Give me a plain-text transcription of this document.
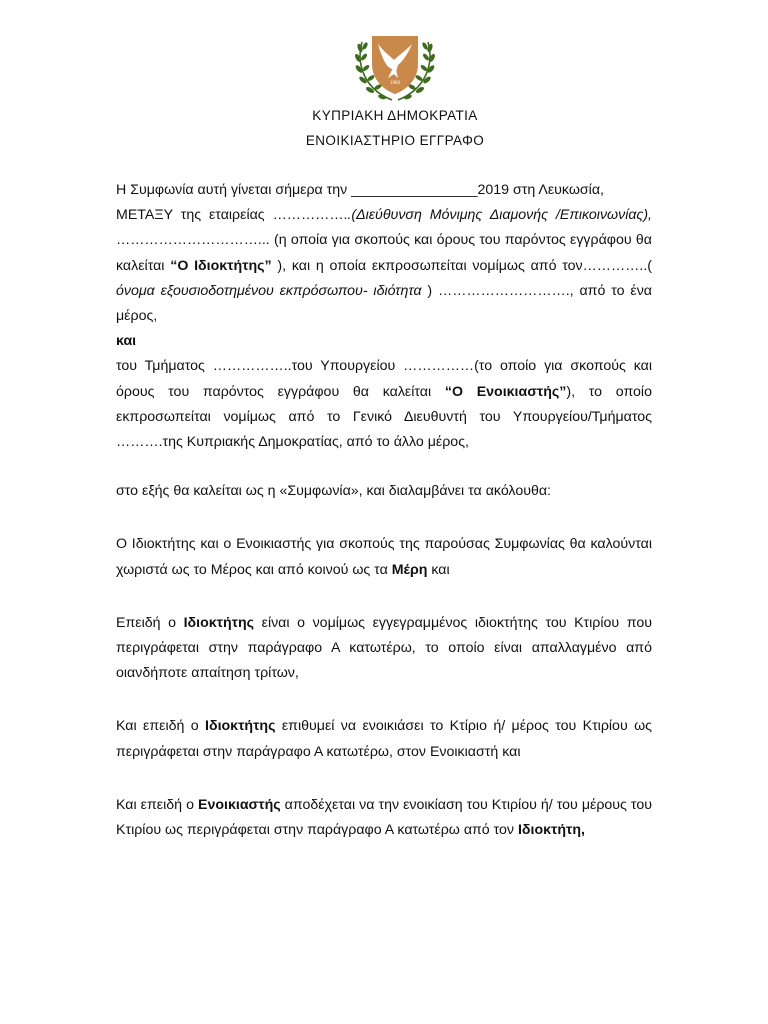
1960
ΚΥΠΡΙΑΚΗ ΔΗΜΟΚΡΑΤΙΑ
ΕΝΟΙΚΙΑΣΤΗΡΙΟ ΕΓΓΡΑΦΟ

Η Συμφωνία αυτή γίνεται σήμερα την ________________2019 στη Λευκωσία,

ΜΕΤΑΞΥ της εταιρείας ……………..(Διεύθυνση Μόνιμης Διαμονής /Επικοινωνίας), …………………………... (η οποία για σκοπούς και όρους του παρόντος εγγράφου θα καλείται “Ο Ιδιοκτήτης” ), και η οποία εκπροσωπείται νομίμως από τον…………..( όνομα εξουσιοδοτημένου εκπρόσωπου- ιδιότητα ) ………………………., από το ένα μέρος,

και

του Τμήματος ……………..του Υπουργείου ……………(το οποίο για σκοπούς και όρους του παρόντος εγγράφου θα καλείται “Ο Ενοικιαστής”), το οποίο εκπροσωπείται νομίμως από το Γενικό Διευθυντή του Υπουργείου/Τμήματος ……….της Κυπριακής Δημοκρατίας, από το άλλο μέρος,

στο εξής θα καλείται ως η «Συμφωνία», και διαλαμβάνει τα ακόλουθα:

Ο Ιδιοκτήτης και ο Ενοικιαστής για σκοπούς της παρούσας Συμφωνίας θα καλούνται χωριστά ως το Μέρος και από κοινού ως τα Μέρη και

Επειδή ο Ιδιοκτήτης είναι ο νομίμως εγγεγραμμένος ιδιοκτήτης του Κτιρίου που περιγράφεται στην παράγραφο Α κατωτέρω, το οποίο είναι απαλλαγμένο από οιανδήποτε απαίτηση τρίτων,

Και επειδή ο Ιδιοκτήτης επιθυμεί να ενοικιάσει το Κτίριο ή/ μέρος του Κτιρίου ως περιγράφεται στην παράγραφο Α κατωτέρω, στον Ενοικιαστή και

Και επειδή ο Ενοικιαστής αποδέχεται να την ενοικίαση του Κτιρίου ή/ του μέρους του Κτιρίου ως περιγράφεται στην παράγραφο Α κατωτέρω από τον Ιδιοκτήτη,
